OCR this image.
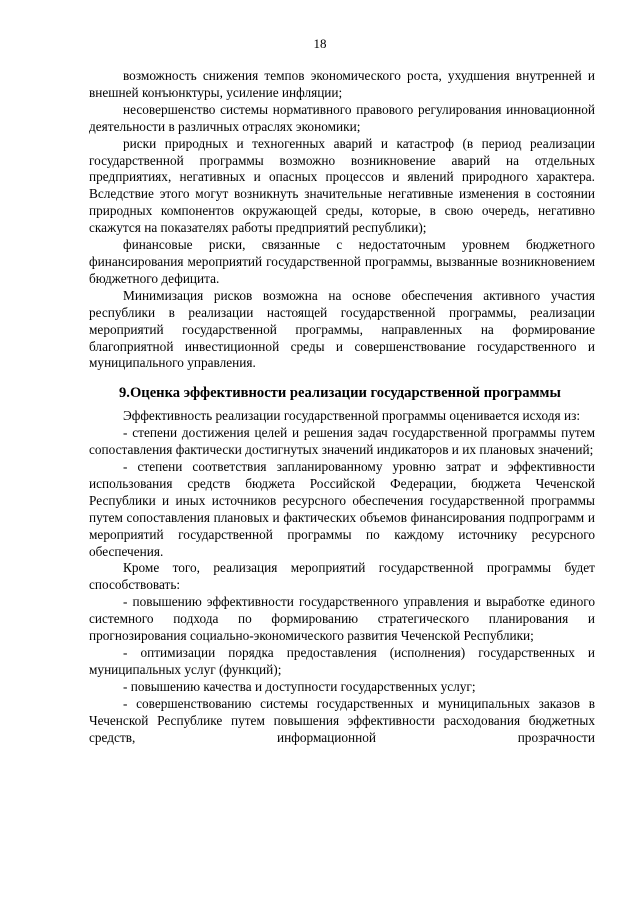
18

возможность снижения темпов экономического роста, ухудшения внутренней и внешней конъюнктуры, усиление инфляции;

несовершенство системы нормативного правового регулирования инновационной деятельности в различных отраслях экономики;

риски природных и техногенных аварий и катастроф (в период реализации государственной программы возможно возникновение аварий на отдельных предприятиях, негативных и опасных процессов и явлений природного характера. Вследствие этого могут возникнуть значительные негативные изменения в состоянии природных компонентов окружающей среды, которые, в свою очередь, негативно скажутся на показателях работы предприятий республики);

финансовые риски, связанные с недостаточным уровнем бюджетного финансирования мероприятий государственной программы, вызванные возникновением бюджетного дефицита.

Минимизация рисков возможна на основе обеспечения активного участия республики в реализации настоящей государственной программы, реализации мероприятий государственной программы, направленных на формирование благоприятной инвестиционной среды и совершенствование государственного и муниципального управления.

9.Оценка эффективности реализации государственной программы

Эффективность реализации государственной программы оценивается исходя из:

- степени достижения целей и решения задач государственной программы путем сопоставления фактически достигнутых значений индикаторов и их плановых значений;

- степени соответствия запланированному уровню затрат и эффективности использования средств бюджета Российской Федерации, бюджета Чеченской Республики и иных источников ресурсного обеспечения государственной программы путем сопоставления плановых и фактических объемов финансирования подпрограмм и мероприятий государственной программы по каждому источнику ресурсного обеспечения.

Кроме того, реализация мероприятий государственной программы будет способствовать:

- повышению эффективности государственного управления и выработке единого системного подхода по формированию стратегического планирования и прогнозирования социально-экономического развития Чеченской Республики;

- оптимизации порядка предоставления (исполнения) государственных и муниципальных услуг (функций);

- повышению качества и доступности государственных услуг;

- совершенствованию системы государственных и муниципальных заказов в Чеченской Республике путем повышения эффективности расходования бюджетных средств, информационной прозрачности
